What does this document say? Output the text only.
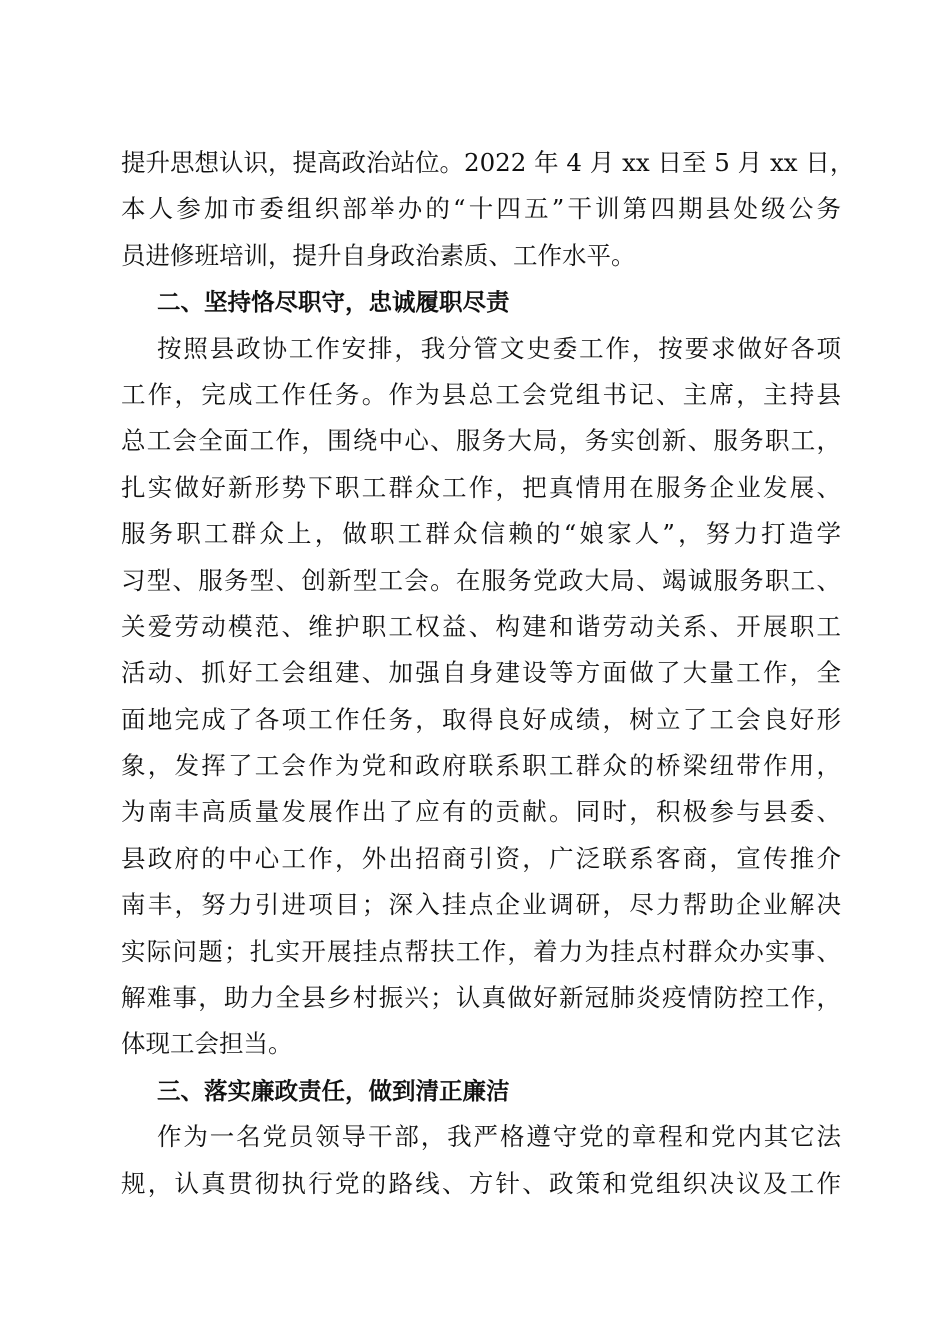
提升思想认识，提高政治站位。2022 年 4 月 xx 日至 5 月 xx 日，
本人参加市委组织部举办的“十四五”干训第四期县处级公务
员进修班培训，提升自身政治素质、工作水平。
二、坚持恪尽职守，忠诚履职尽责
按照县政协工作安排，我分管文史委工作，按要求做好各项
工作，完成工作任务。作为县总工会党组书记、主席，主持县
总工会全面工作，围绕中心、服务大局，务实创新、服务职工，
扎实做好新形势下职工群众工作，把真情用在服务企业发展、
服务职工群众上，做职工群众信赖的“娘家人”，努力打造学
习型、服务型、创新型工会。在服务党政大局、竭诚服务职工、
关爱劳动模范、维护职工权益、构建和谐劳动关系、开展职工
活动、抓好工会组建、加强自身建设等方面做了大量工作，全
面地完成了各项工作任务，取得良好成绩，树立了工会良好形
象，发挥了工会作为党和政府联系职工群众的桥梁纽带作用，
为南丰高质量发展作出了应有的贡献。同时，积极参与县委、
县政府的中心工作，外出招商引资，广泛联系客商，宣传推介
南丰，努力引进项目；深入挂点企业调研，尽力帮助企业解决
实际问题；扎实开展挂点帮扶工作，着力为挂点村群众办实事、
解难事，助力全县乡村振兴；认真做好新冠肺炎疫情防控工作，
体现工会担当。
三、落实廉政责任，做到清正廉洁
作为一名党员领导干部，我严格遵守党的章程和党内其它法
规，认真贯彻执行党的路线、方针、政策和党组织决议及工作
